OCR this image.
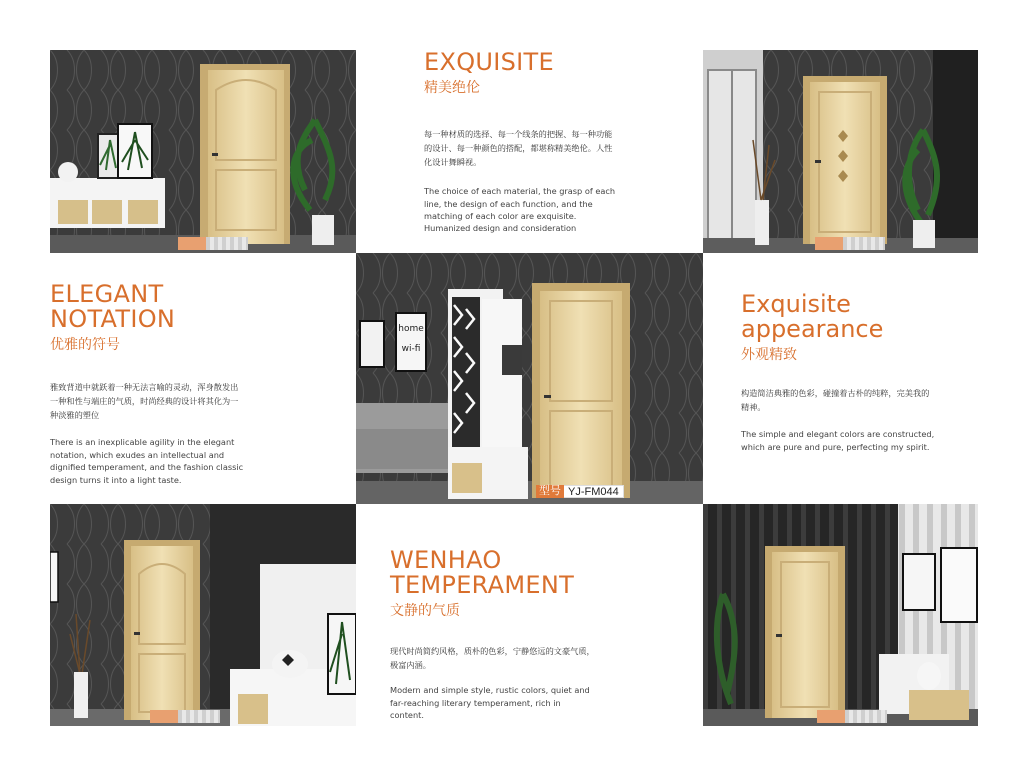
EXQUISITE
精美绝伦

每一种材质的选择、每一个线条的把握、每一种功能的设计、每一种颜色的搭配，都堪称精美绝伦。人性化设计舞瞬视。

The choice of each material, the grasp of each line, the design of each function, and the matching of each color are exquisite. Humanized design and consideration

ELEGANT NOTATION
优雅的符号

雅致背道中就跃着一种无法言喻的灵动，浑身散发出一种和性与端庄的气质，时尚经典的设计将其化为一种淡雅的塑位

There is an inexplicable agility in the elegant notation, which exudes an intellectual and dignified temperament, and the fashion classic design turns it into a light taste.

home
wi-fi
型号 YJ-FM044
Exquisite appearance
外观精致

构造简洁典雅的色彩，碰撞着古朴的纯粹，完美我的精神。

The simple and elegant colors are constructed, which are pure and pure, perfecting my spirit.

WENHAO TEMPERAMENT
文静的气质

现代时尚简约风格，质朴的色彩，宁静悠远的文豪气质，极富内涵。

Modern and simple style, rustic colors, quiet and far-reaching literary temperament, rich in content.
